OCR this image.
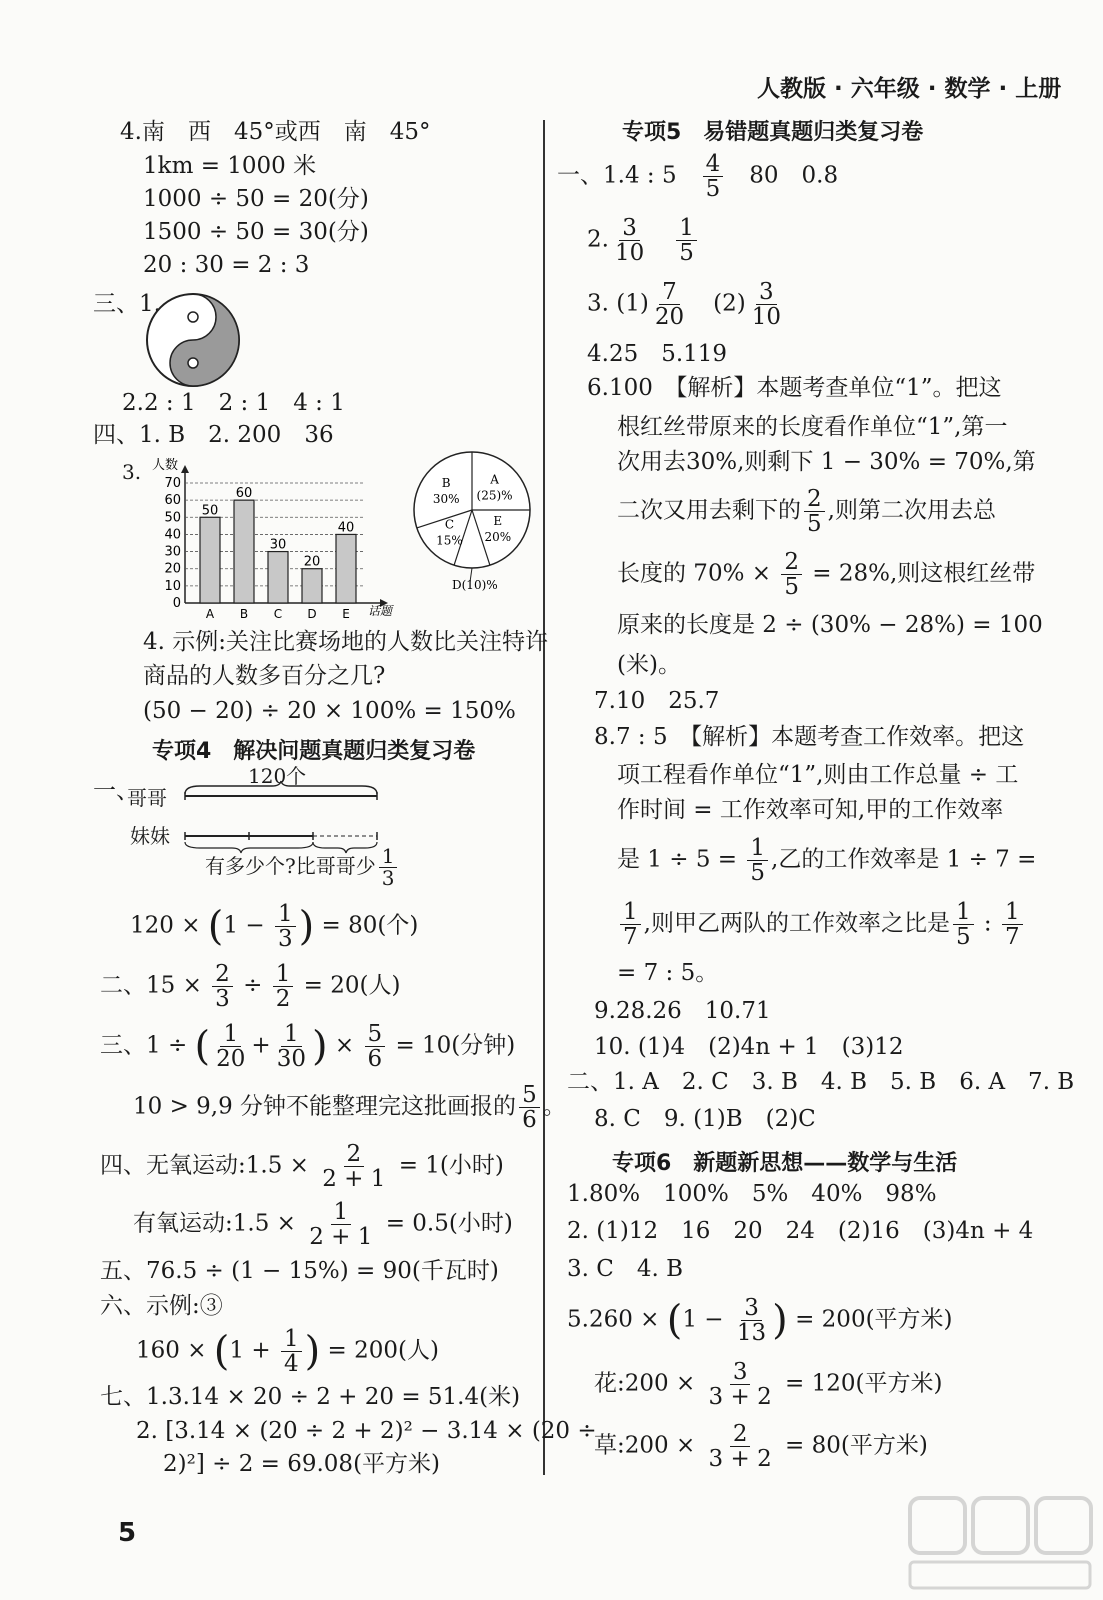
人教版 · 六年级 · 数学 · 上册
4.南　西　45°或西　南　45°
1km = 1000 米
1000 ÷ 50 = 20(分)
1500 ÷ 50 = 30(分)
20 : 30 = 2 : 3
三、1.
2.2 : 1　2 : 1　4 : 1
四、1. B　2. 200　36
3.
0
10
20
30
40
50
60
70
50
A
60
B
30
C
20
D
40
E
人数
话题
A
(25)%
E
20%
D(10)%
C
15%
B
30%
4. 示例:关注比赛场地的人数比关注特许
商品的人数多百分之几?
(50 − 20) ÷ 20 × 100% = 150%
专项4　解决问题真题归类复习卷
一、
哥哥
妹妹
120个
有多少个?比哥哥少 $\frac{1}{3}$
$120 \times (1 - \frac{1}{3}$ ) = 80(个)
二、$15 \times \frac{2}{3} \div \frac{1}{2} = 20$(人)
三、1 ÷ ( $\frac{1}{20} + \frac{1}{30}$ ) × $\frac{5}{6} = 10$(分钟)
10 > 9,9 分钟不能整理完这批画报的 $\frac{5}{6}$ 。
四、无氧运动:1.5 × $\frac{2}{2 + 1} = 1$(小时)
有氧运动:1.5 × $\frac{1}{2 + 1} = 0.5$(小时)
五、76.5 ÷ (1 − 15%) = 90(千瓦时)
六、示例:③
$160 \times (1 + \frac{1}{4}$ ) = 200(人)
七、1.3.14 × 20 ÷ 2 + 20 = 51.4(米)
2. [3.14 × (20 ÷ 2 + 2)² − 3.14 × (20 ÷
2)²] ÷ 2 = 69.08(平方米)
专项5　易错题真题归类复习卷
一、1.4 : 5　 $\frac{4}{5}$
　 80　0.8
2. $\frac{3}{10}$
　 $\frac{1}{5}$
3. $(1) \frac{7}{20}$
　 $(2) \frac{3}{10}$
4.25　5.119
6.100　【解析】本题考查单位“1”。把这
根红丝带原来的长度看作单位“1”,第一
次用去30%,则剩下 1 − 30% = 70%,第
二次又用去剩下的 $\frac{2}{5}$ ,则第二次用去总
长度的 $70\% \times \frac{2}{5} = 28\%$,则这根红丝带
原来的长度是 2 ÷ (30% − 28%) = 100
(米)。
7.10　25.7
8.7 : 5　【解析】本题考查工作效率。把这
项工程看作单位“1”,则由工作总量 ÷ 工
作时间 = 工作效率可知,甲的工作效率
是 $1 \div 5 = \frac{1}{5}$ ,乙的工作效率是 1 ÷ 7 =
$\frac{1}{7}$ ,则甲乙两队的工作效率之比是 $\frac{1}{5}$ : $\frac{1}{7}$
= 7 : 5。
9.28.26　10.71
10. (1)4　(2)4n + 1　(3)12
二、1. A　2. C　3. B　4. B　5. B　6. A　7. B
8. C　9. (1)B　(2)C
专项6　新题新思想——数学与生活
1.80%　100%　5%　40%　98%
2. (1)12　16　20　24　(2)16　(3)4n + 4
3. C　4. B
$5.260 \times (1 - \frac{3}{13}$ ) = 200(平方米)
花:200 × $\frac{3}{3 + 2} = 120$(平方米)
草:200 × $\frac{2}{3 + 2} = 80$(平方米)
5
